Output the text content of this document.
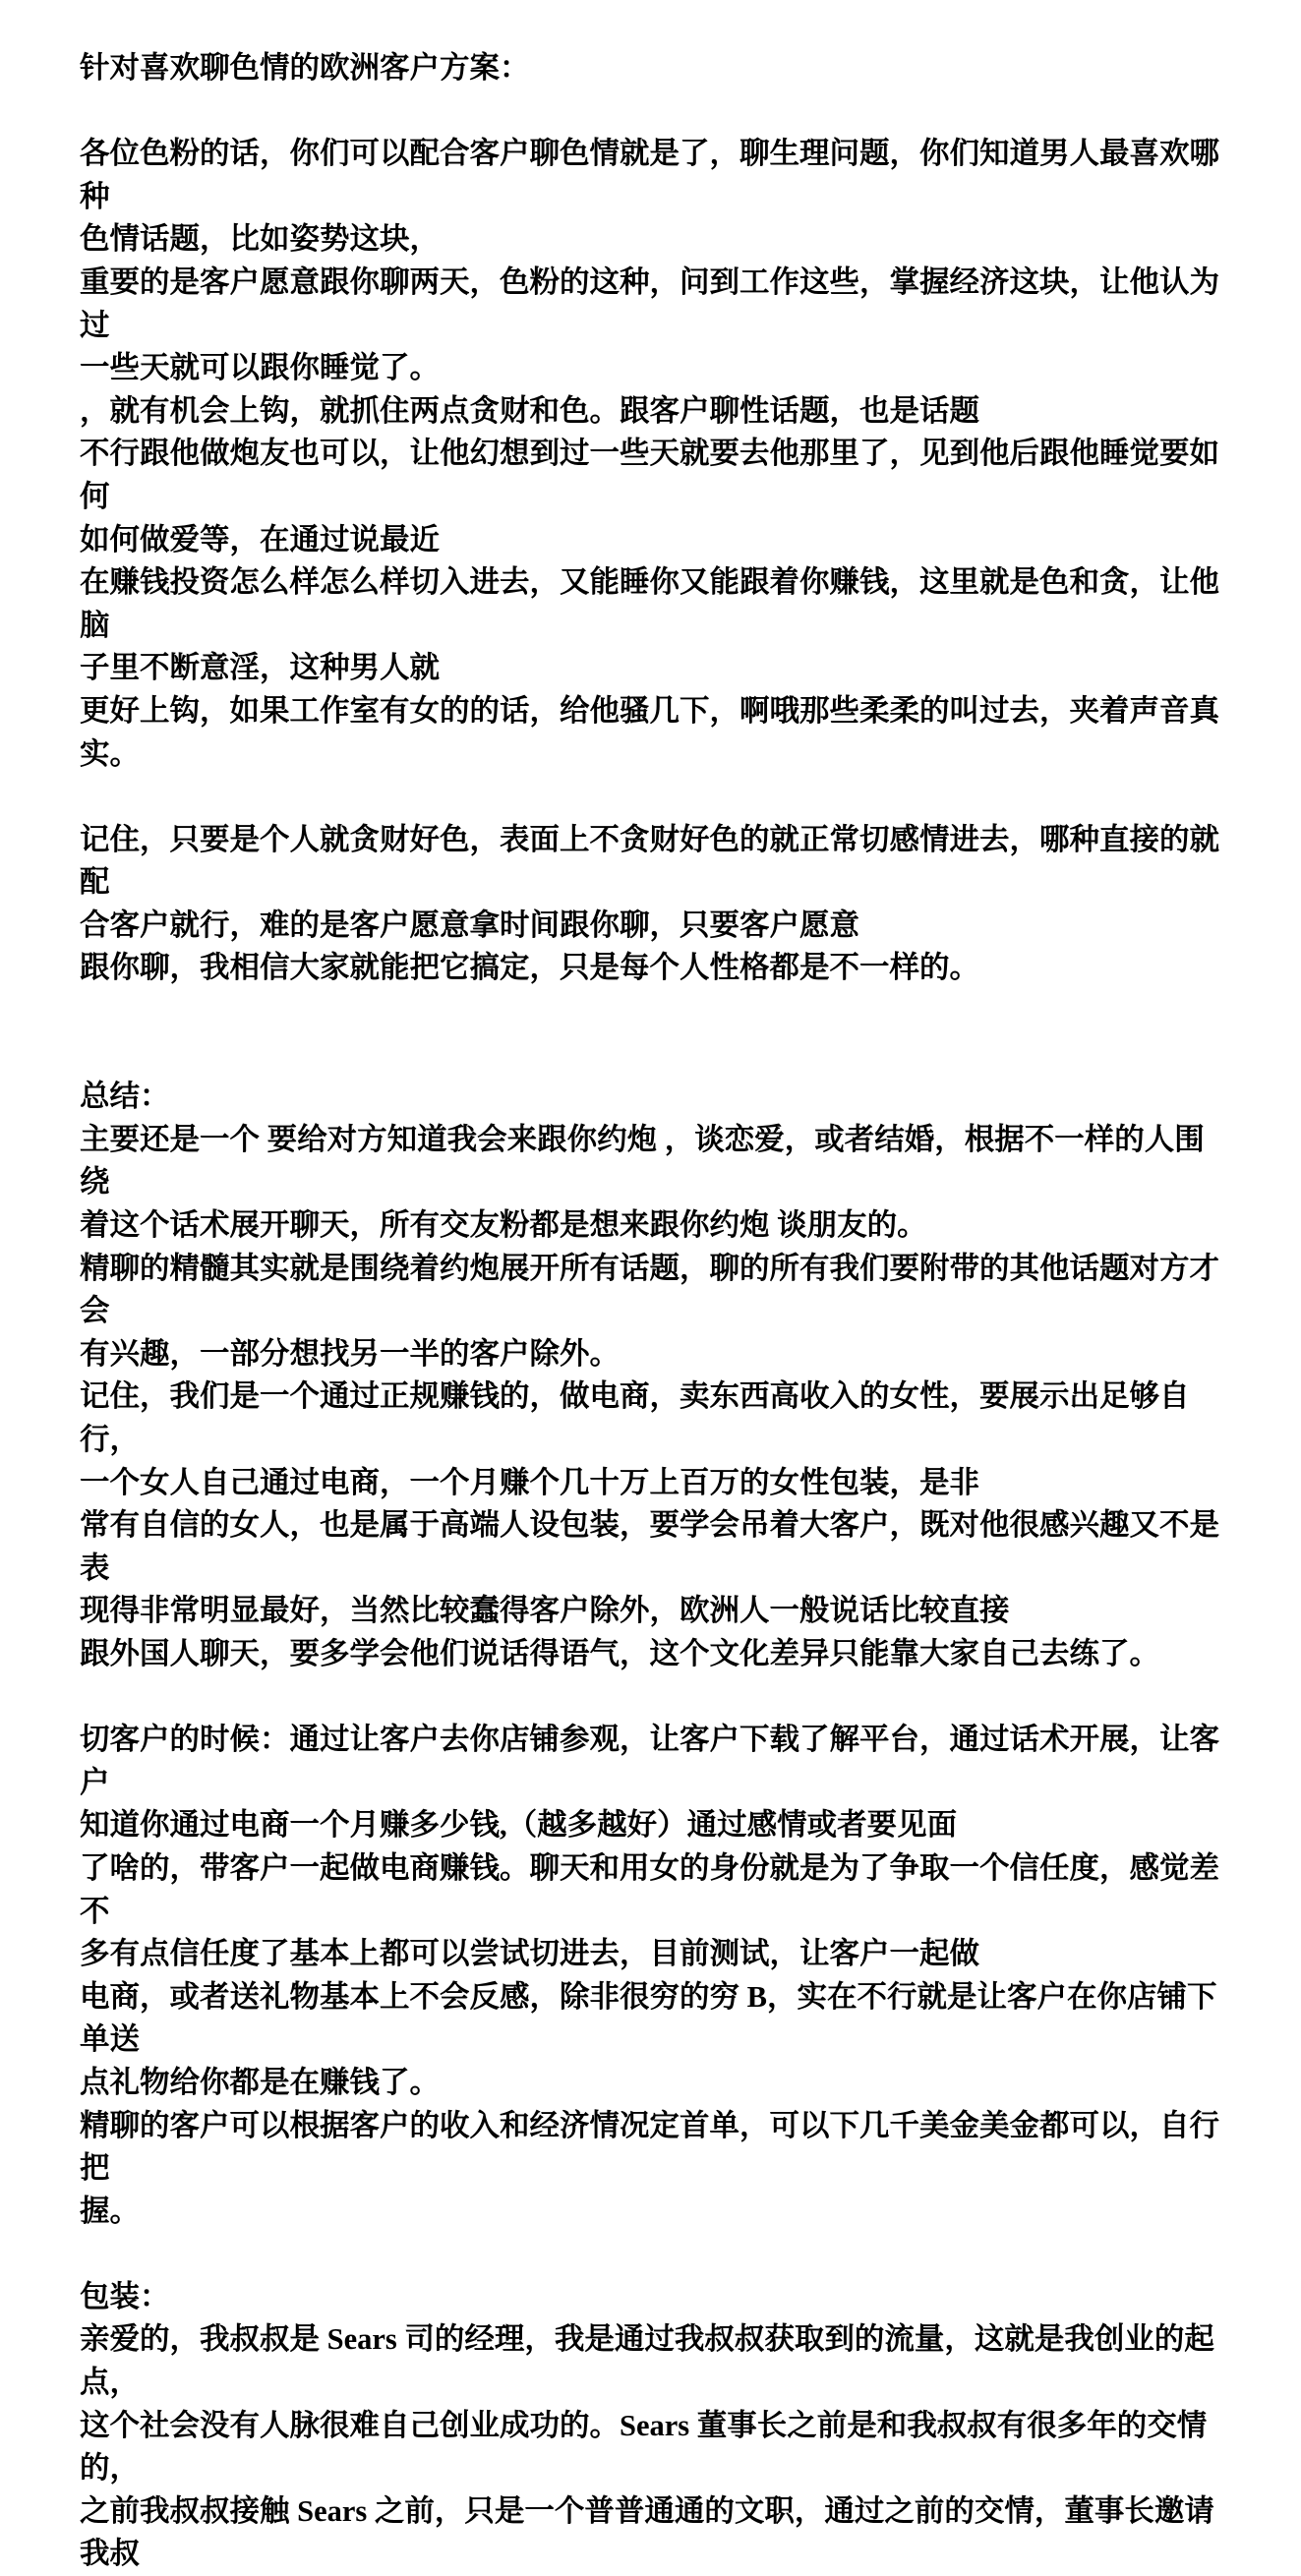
针对喜欢聊色情的欧洲客户方案：
各位色粉的话，你们可以配合客户聊色情就是了，聊生理问题，你们知道男人最喜欢哪种
色情话题，比如姿势这块，
重要的是客户愿意跟你聊两天，色粉的这种，问到工作这些，掌握经济这块，让他认为过
一些天就可以跟你睡觉了。
，就有机会上钩，就抓住两点贪财和色。跟客户聊性话题，也是话题
不行跟他做炮友也可以，让他幻想到过一些天就要去他那里了，见到他后跟他睡觉要如何
如何做爱等，在通过说最近
在赚钱投资怎么样怎么样切入进去，又能睡你又能跟着你赚钱，这里就是色和贪，让他脑
子里不断意淫，这种男人就
更好上钩，如果工作室有女的的话，给他骚几下，啊哦那些柔柔的叫过去，夹着声音真实。
记住，只要是个人就贪财好色，表面上不贪财好色的就正常切感情进去，哪种直接的就配
合客户就行，难的是客户愿意拿时间跟你聊，只要客户愿意
跟你聊，我相信大家就能把它搞定，只是每个人性格都是不一样的。
总结：
主要还是一个 要给对方知道我会来跟你约炮 ，谈恋爱，或者结婚，根据不一样的人围绕
着这个话术展开聊天，所有交友粉都是想来跟你约炮 谈朋友的。
精聊的精髓其实就是围绕着约炮展开所有话题，聊的所有我们要附带的其他话题对方才会
有兴趣，一部分想找另一半的客户除外。
记住，我们是一个通过正规赚钱的，做电商，卖东西高收入的女性，要展示出足够自行，
一个女人自己通过电商，一个月赚个几十万上百万的女性包装，是非
常有自信的女人，也是属于高端人设包装，要学会吊着大客户，既对他很感兴趣又不是表
现得非常明显最好，当然比较蠢得客户除外，欧洲人一般说话比较直接
跟外国人聊天，要多学会他们说话得语气，这个文化差异只能靠大家自己去练了。
切客户的时候：通过让客户去你店铺参观，让客户下载了解平台，通过话术开展，让客户
知道你通过电商一个月赚多少钱,（越多越好）通过感情或者要见面
了啥的，带客户一起做电商赚钱。聊天和用女的身份就是为了争取一个信任度，感觉差不
多有点信任度了基本上都可以尝试切进去，目前测试，让客户一起做
电商，或者送礼物基本上不会反感，除非很穷的穷 B，实在不行就是让客户在你店铺下单送
点礼物给你都是在赚钱了。
精聊的客户可以根据客户的收入和经济情况定首单，可以下几千美金美金都可以，自行把
握。
包装：
亲爱的，我叔叔是 Sears 司的经理，我是通过我叔叔获取到的流量，这就是我创业的起点，
这个社会没有人脉很难自己创业成功的。Sears 董事长之前是和我叔叔有很多年的交情的，
之前我叔叔接触 Sears 之前，只是一个普普通通的文职，通过之前的交情，董事长邀请我叔
